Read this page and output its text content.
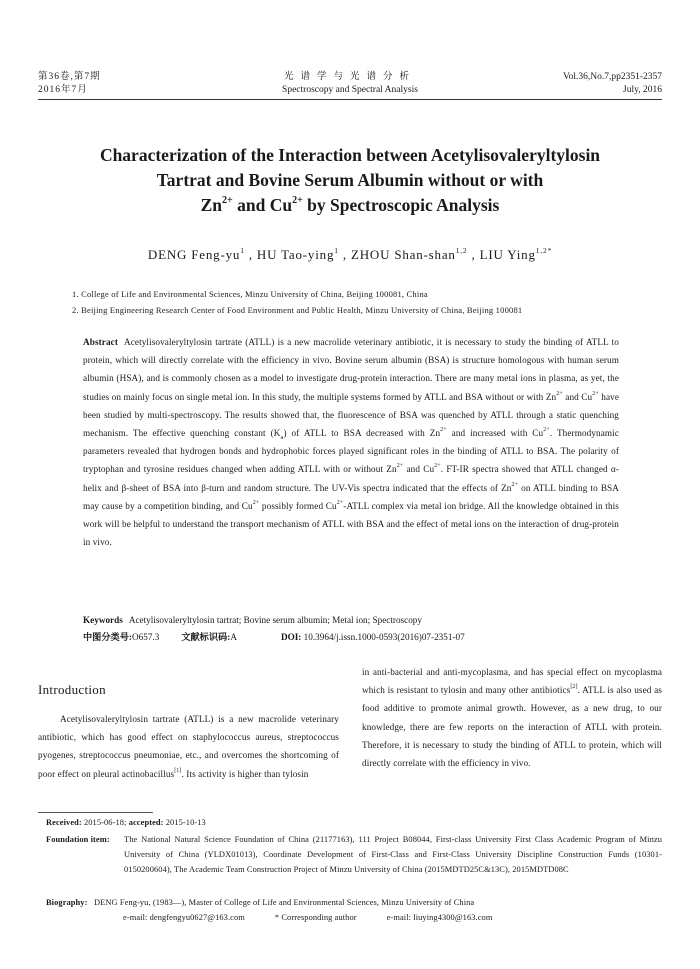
第36卷,第7期
2016年7月
光谱学与光谱分析
Spectroscopy and Spectral Analysis
Vol.36,No.7,pp2351-2357
July, 2016
Characterization of the Interaction between Acetylisovaleryltylosin
Tartrat and Bovine Serum Albumin without or with
$Zn^{2+}$ and $Cu^{2+}$ by Spectroscopic Analysis
DENG Feng-$yu^1$ , HU Tao-ying$^1$ , ZHOU Shan-shan$^{1,2}$ , LIU Ying$^{1,2*}$
1. College of Life and Environmental Sciences, Minzu University of China, Beijing 100081, China
2. Beijing Engineering Research Center of Food Environment and Public Health, Minzu University of China, Beijing 100081
Abstract Acetylisovaleryltylosin tartrate (ATLL) is a new macrolide veterinary antibiotic, it is necessary to study the binding of ATLL to protein, which will directly correlate with the efficiency in vivo. Bovine serum albumin (BSA) is structure homologous with human serum albumin (HSA), and is commonly chosen as a model to investigate drug-protein interaction. There are many metal ions in plasma, as yet, the studies on mainly focus on single metal ion. In this study, the multiple systems formed by ATLL and BSA without or with $Zn^{2+}$ and $Cu^{2+}$ have been studied by multi-spectroscopy. The results showed that, the fluorescence of BSA was quenched by ATLL through a static quenching mechanism. The effective quenching constant $(K_a)$ of ATLL to BSA decreased with $Zn^{2+}$ and increased with $Cu^{2+}$. Thermodynamic parameters revealed that hydrogen bonds and hydrophobic forces played significant roles in the binding of ATLL to BSA. The polarity of tryptophan and tyrosine residues changed when adding ATLL with or without $Zn^{2+}$ and $Cu^{2+}$. FT-IR spectra showed that ATLL changed α-helix and β-sheet of BSA into β-turn and random structure. The UV-Vis spectra indicated that the effects of $Zn^{2+}$ on ATLL binding to BSA may cause by a competition binding, and $Cu^{2+}$ possibly formed $Cu^{2+}$-ATLL complex via metal ion bridge. All the knowledge obtained in this work will be helpful to understand the transport mechanism of ATLL with BSA and the effect of metal ions on the interaction of drug-protein in vivo.
Keywords Acetylisovaleryltylosin tartrat; Bovine serum albumin; Metal ion; Spectroscopy
中图分类号:O657.3 文献标识码:A	DOI: 10.3964/j.issn.1000-0593(2016)07-2351-07
Introduction
Acetylisovaleryltylosin tartrate (ATLL) is a new macrolide veterinary antibiotic, which has good effect on staphylococcus aureus, streptococcus pyogenes, streptococcus pneumoniae, etc., and overcomes the shortcoming of poor effect on pleural actinobacillus[1]. Its activity is higher than tylosin
in anti-bacterial and anti-mycoplasma, and has special effect on mycoplasma which is resistant to tylosin and many other antibiotics[2]. ATLL is also used as food additive to promote animal growth. However, as a new drug, to our knowledge, there are few reports on the interaction of ATLL with protein. Therefore, it is necessary to study the binding of ATLL to protein, which will directly correlate with the efficiency in vivo.
Received: 2015-06-18; accepted: 2015-10-13
Foundation item:	The National Natural Science Foundation of China (21177163), 111 Project B08044, First-class University First Class Academic Program of Minzu University of China (YLDX01013), Coordinate Development of First-Class and First-Class University Discipline Construction Funds (10301-0150200604), The Academic Team Construction Project of Minzu University of China (2015MDTD25C&13C), 2015MDTD08C
Biography: DENG Feng-yu, (1983—), Master of College of Life and Environmental Sciences, Minzu University of China
e-mail: dengfengyu0627@163.com	* Corresponding author	e-mail: liuying4300@163.com
